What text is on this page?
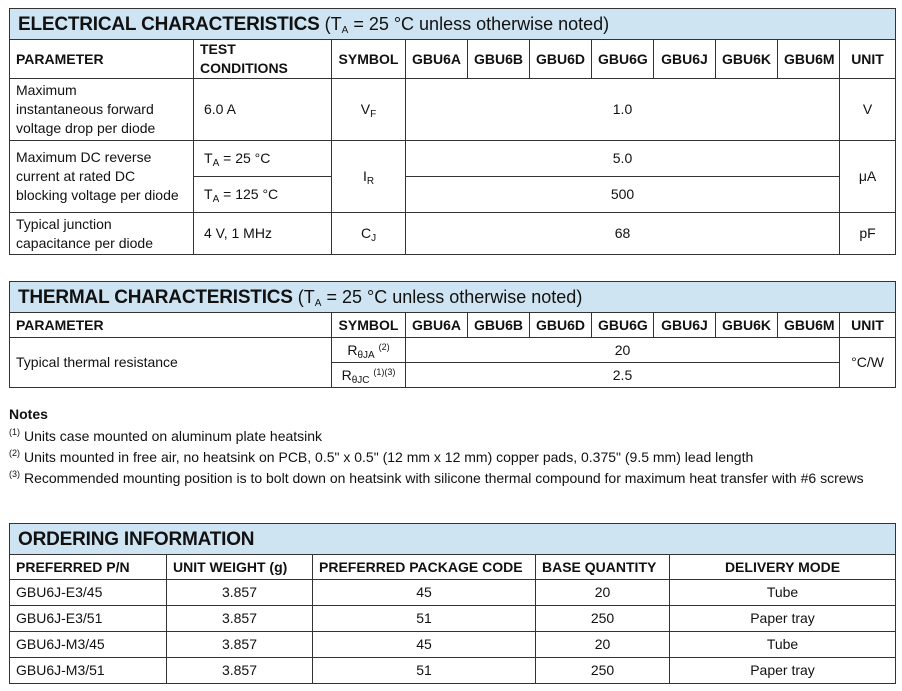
ELECTRICAL CHARACTERISTICS ($T_A = 25$ °C unless otherwise noted)										
PARAMETER	TEST CONDITIONS	SYMBOL	GBU6A	GBU6B	GBU6D	GBU6G	GBU6J	GBU6K	GBU6M	UNIT

Maximum
instantaneous forward
voltage drop per diode	6.0 A	$V_F$	1.0							V

Maximum DC reverse
current at rated DC
blocking voltage per diode	$T_A = 25$ °C	$I_R$	5.0							μA
	$T_A = 125$ °C		500							

Typical junction
capacitance per diode	4 V, 1 MHz	$C_J$	68							pF
THERMAL CHARACTERISTICS ($T_A = 25$ °C unless otherwise noted)									
PARAMETER	SYMBOL	GBU6A	GBU6B	GBU6D	GBU6G	GBU6J	GBU6K	GBU6M	UNIT
Typical thermal resistance	$R_{\theta JA}$ $^{(2)}$	20							°C/W
	$R_{\theta JC}$ $^{(1)(3)}$	2.5							
Notes
$^{(1)}$ Units case mounted on aluminum plate heatsink
$^{(2)}$ Units mounted in free air, no heatsink on PCB, 0.5" x 0.5" (12 mm x 12 mm) copper pads, 0.375" (9.5 mm) lead length
$^{(3)}$ Recommended mounting position is to bolt down on heatsink with silicone thermal compound for maximum heat transfer with #6 screws
ORDERING INFORMATION				
PREFERRED P/N	UNIT WEIGHT (g)	PREFERRED PACKAGE CODE	BASE QUANTITY	DELIVERY MODE
GBU6J-E3/45	3.857	45	20	Tube
GBU6J-E3/51	3.857	51	250	Paper tray
GBU6J-M3/45	3.857	45	20	Tube
GBU6J-M3/51	3.857	51	250	Paper tray
